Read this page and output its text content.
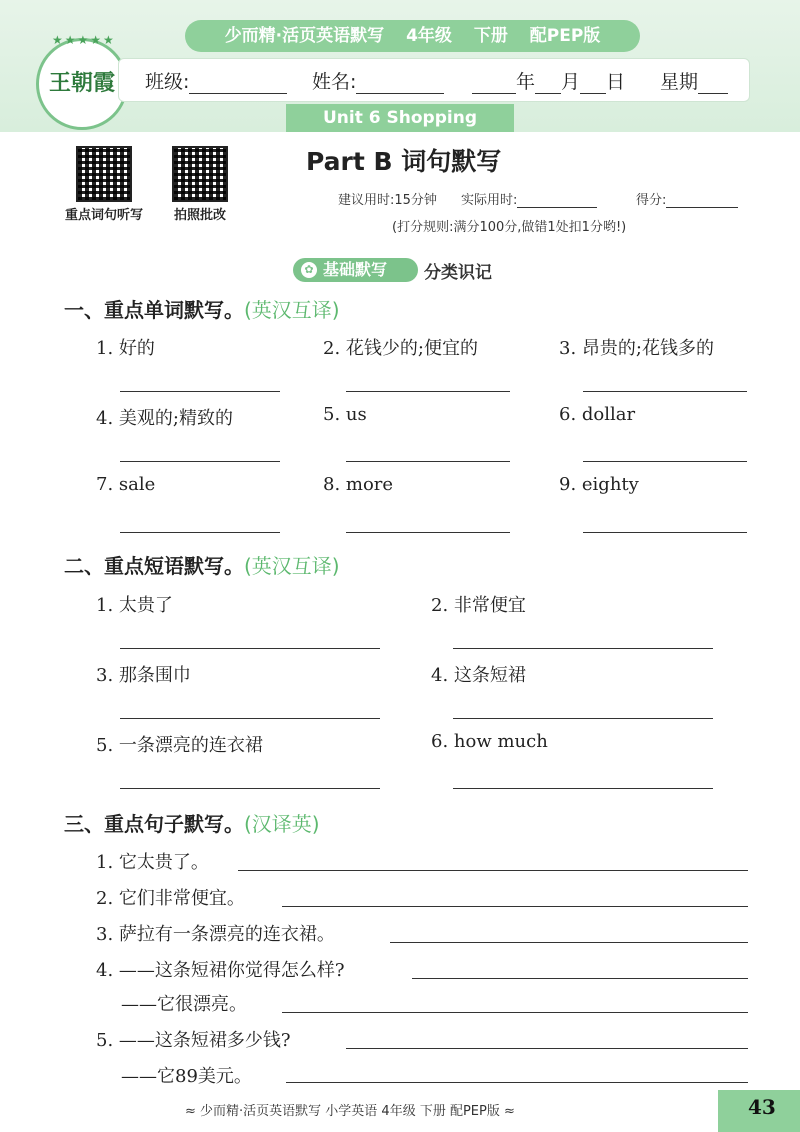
少而精·活页英语默写 4年级 下册 配PEP版
★★★★★
王朝霞	班级:	姓名:	年 月 日 星期
Unit 6 Shopping
重点词句听写	拍照批改
Part B 词句默写
建议用时:15分钟 实际用时:	得分:
(打分规则:满分100分,做错1处扣1分哟!)
✿ 基础默写	分类识记
一、重点单词默写。(英汉互译)
1. 好的	2. 花钱少的;便宜的	3. 昂贵的;花钱多的
4. 美观的;精致的	5. us	6. dollar
7. sale	8. more	9. eighty
二、重点短语默写。(英汉互译)
1. 太贵了	2. 非常便宜
3. 那条围巾	4. 这条短裙
5. 一条漂亮的连衣裙	6. how much
三、重点句子默写。(汉译英)
1. 它太贵了。
2. 它们非常便宜。
3. 萨拉有一条漂亮的连衣裙。
4. ——这条短裙你觉得怎么样?
——它很漂亮。
5. ——这条短裙多少钱?
——它89美元。
≈ 少而精·活页英语默写 小学英语 4年级 下册 配PEP版 ≈	43
